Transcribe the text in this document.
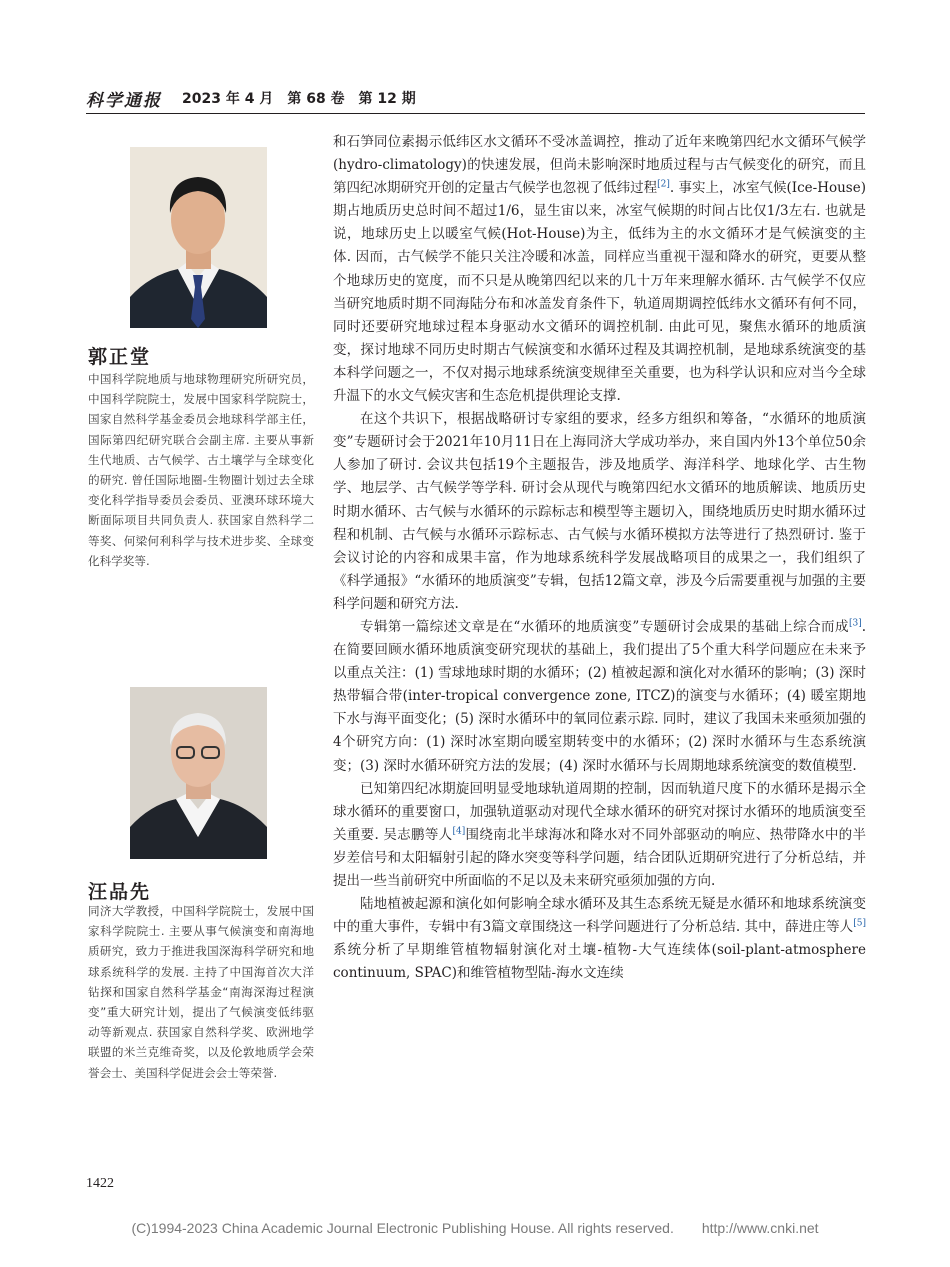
科学通报 2023 年 4 月　第 68 卷　第 12 期
郭正堂
中国科学院地质与地球物理研究所研究员，中国科学院院士，发展中国家科学院院士，国家自然科学基金委员会地球科学部主任，国际第四纪研究联合会副主席. 主要从事新生代地质、古气候学、古土壤学与全球变化的研究. 曾任国际地圈-生物圈计划过去全球变化科学指导委员会委员、亚澳环球环境大断面际项目共同负责人. 获国家自然科学二等奖、何梁何利科学与技术进步奖、全球变化科学奖等.
汪品先
同济大学教授，中国科学院院士，发展中国家科学院院士. 主要从事气候演变和南海地质研究，致力于推进我国深海科学研究和地球系统科学的发展. 主持了中国海首次大洋钻探和国家自然科学基金“南海深海过程演变”重大研究计划，提出了气候演变低纬驱动等新观点. 获国家自然科学奖、欧洲地学联盟的米兰克维奇奖，以及伦敦地质学会荣誉会士、美国科学促进会会士等荣誉.

和石笋同位素揭示低纬区水文循环不受冰盖调控，推动了近年来晚第四纪水文循环气候学(hydro-climatology)的快速发展，但尚未影响深时地质过程与古气候变化的研究，而且第四纪冰期研究开创的定量古气候学也忽视了低纬过程[2]. 事实上，冰室气候(Ice-House)期占地质历史总时间不超过1/6，显生宙以来，冰室气候期的时间占比仅1/3左右. 也就是说，地球历史上以暖室气候(Hot-House)为主，低纬为主的水文循环才是气候演变的主体. 因而，古气候学不能只关注冷暖和冰盖，同样应当重视干湿和降水的研究，更要从整个地球历史的宽度，而不只是从晚第四纪以来的几十万年来理解水循环. 古气候学不仅应当研究地质时期不同海陆分布和冰盖发育条件下，轨道周期调控低纬水文循环有何不同，同时还要研究地球过程本身驱动水文循环的调控机制. 由此可见，聚焦水循环的地质演变，探讨地球不同历史时期古气候演变和水循环过程及其调控机制，是地球系统演变的基本科学问题之一，不仅对揭示地球系统演变规律至关重要，也为科学认识和应对当今全球升温下的水文气候灾害和生态危机提供理论支撑.

在这个共识下，根据战略研讨专家组的要求，经多方组织和筹备，“水循环的地质演变”专题研讨会于2021年10月11日在上海同济大学成功举办，来自国内外13个单位50余人参加了研讨. 会议共包括19个主题报告，涉及地质学、海洋科学、地球化学、古生物学、地层学、古气候学等学科. 研讨会从现代与晚第四纪水文循环的地质解读、地质历史时期水循环、古气候与水循环的示踪标志和模型等主题切入，围绕地质历史时期水循环过程和机制、古气候与水循环示踪标志、古气候与水循环模拟方法等进行了热烈研讨. 鉴于会议讨论的内容和成果丰富，作为地球系统科学发展战略项目的成果之一，我们组织了《科学通报》“水循环的地质演变”专辑，包括12篇文章，涉及今后需要重视与加强的主要科学问题和研究方法.

专辑第一篇综述文章是在“水循环的地质演变”专题研讨会成果的基础上综合而成[3]. 在简要回顾水循环地质演变研究现状的基础上，我们提出了5个重大科学问题应在未来予以重点关注：(1) 雪球地球时期的水循环；(2) 植被起源和演化对水循环的影响；(3) 深时热带辐合带(inter-tropical convergence zone, ITCZ)的演变与水循环；(4) 暖室期地下水与海平面变化；(5) 深时水循环中的氧同位素示踪. 同时，建议了我国未来亟须加强的4个研究方向：(1) 深时冰室期向暖室期转变中的水循环；(2) 深时水循环与生态系统演变；(3) 深时水循环研究方法的发展；(4) 深时水循环与长周期地球系统演变的数值模型.

已知第四纪冰期旋回明显受地球轨道周期的控制，因而轨道尺度下的水循环是揭示全球水循环的重要窗口，加强轨道驱动对现代全球水循环的研究对探讨水循环的地质演变至关重要. 吴志鹏等人[4]围绕南北半球海冰和降水对不同外部驱动的响应、热带降水中的半岁差信号和太阳辐射引起的降水突变等科学问题，结合团队近期研究进行了分析总结，并提出一些当前研究中所面临的不足以及未来研究亟须加强的方向.

陆地植被起源和演化如何影响全球水循环及其生态系统无疑是水循环和地球系统演变中的重大事件，专辑中有3篇文章围绕这一科学问题进行了分析总结. 其中，薛进庄等人[5]系统分析了早期维管植物辐射演化对土壤-植物-大气连续体(soil-plant-atmosphere continuum, SPAC)和维管植物型陆-海水文连续

1422
(C)1994-2023 China Academic Journal Electronic Publishing House. All rights reserved.　　http://www.cnki.net
